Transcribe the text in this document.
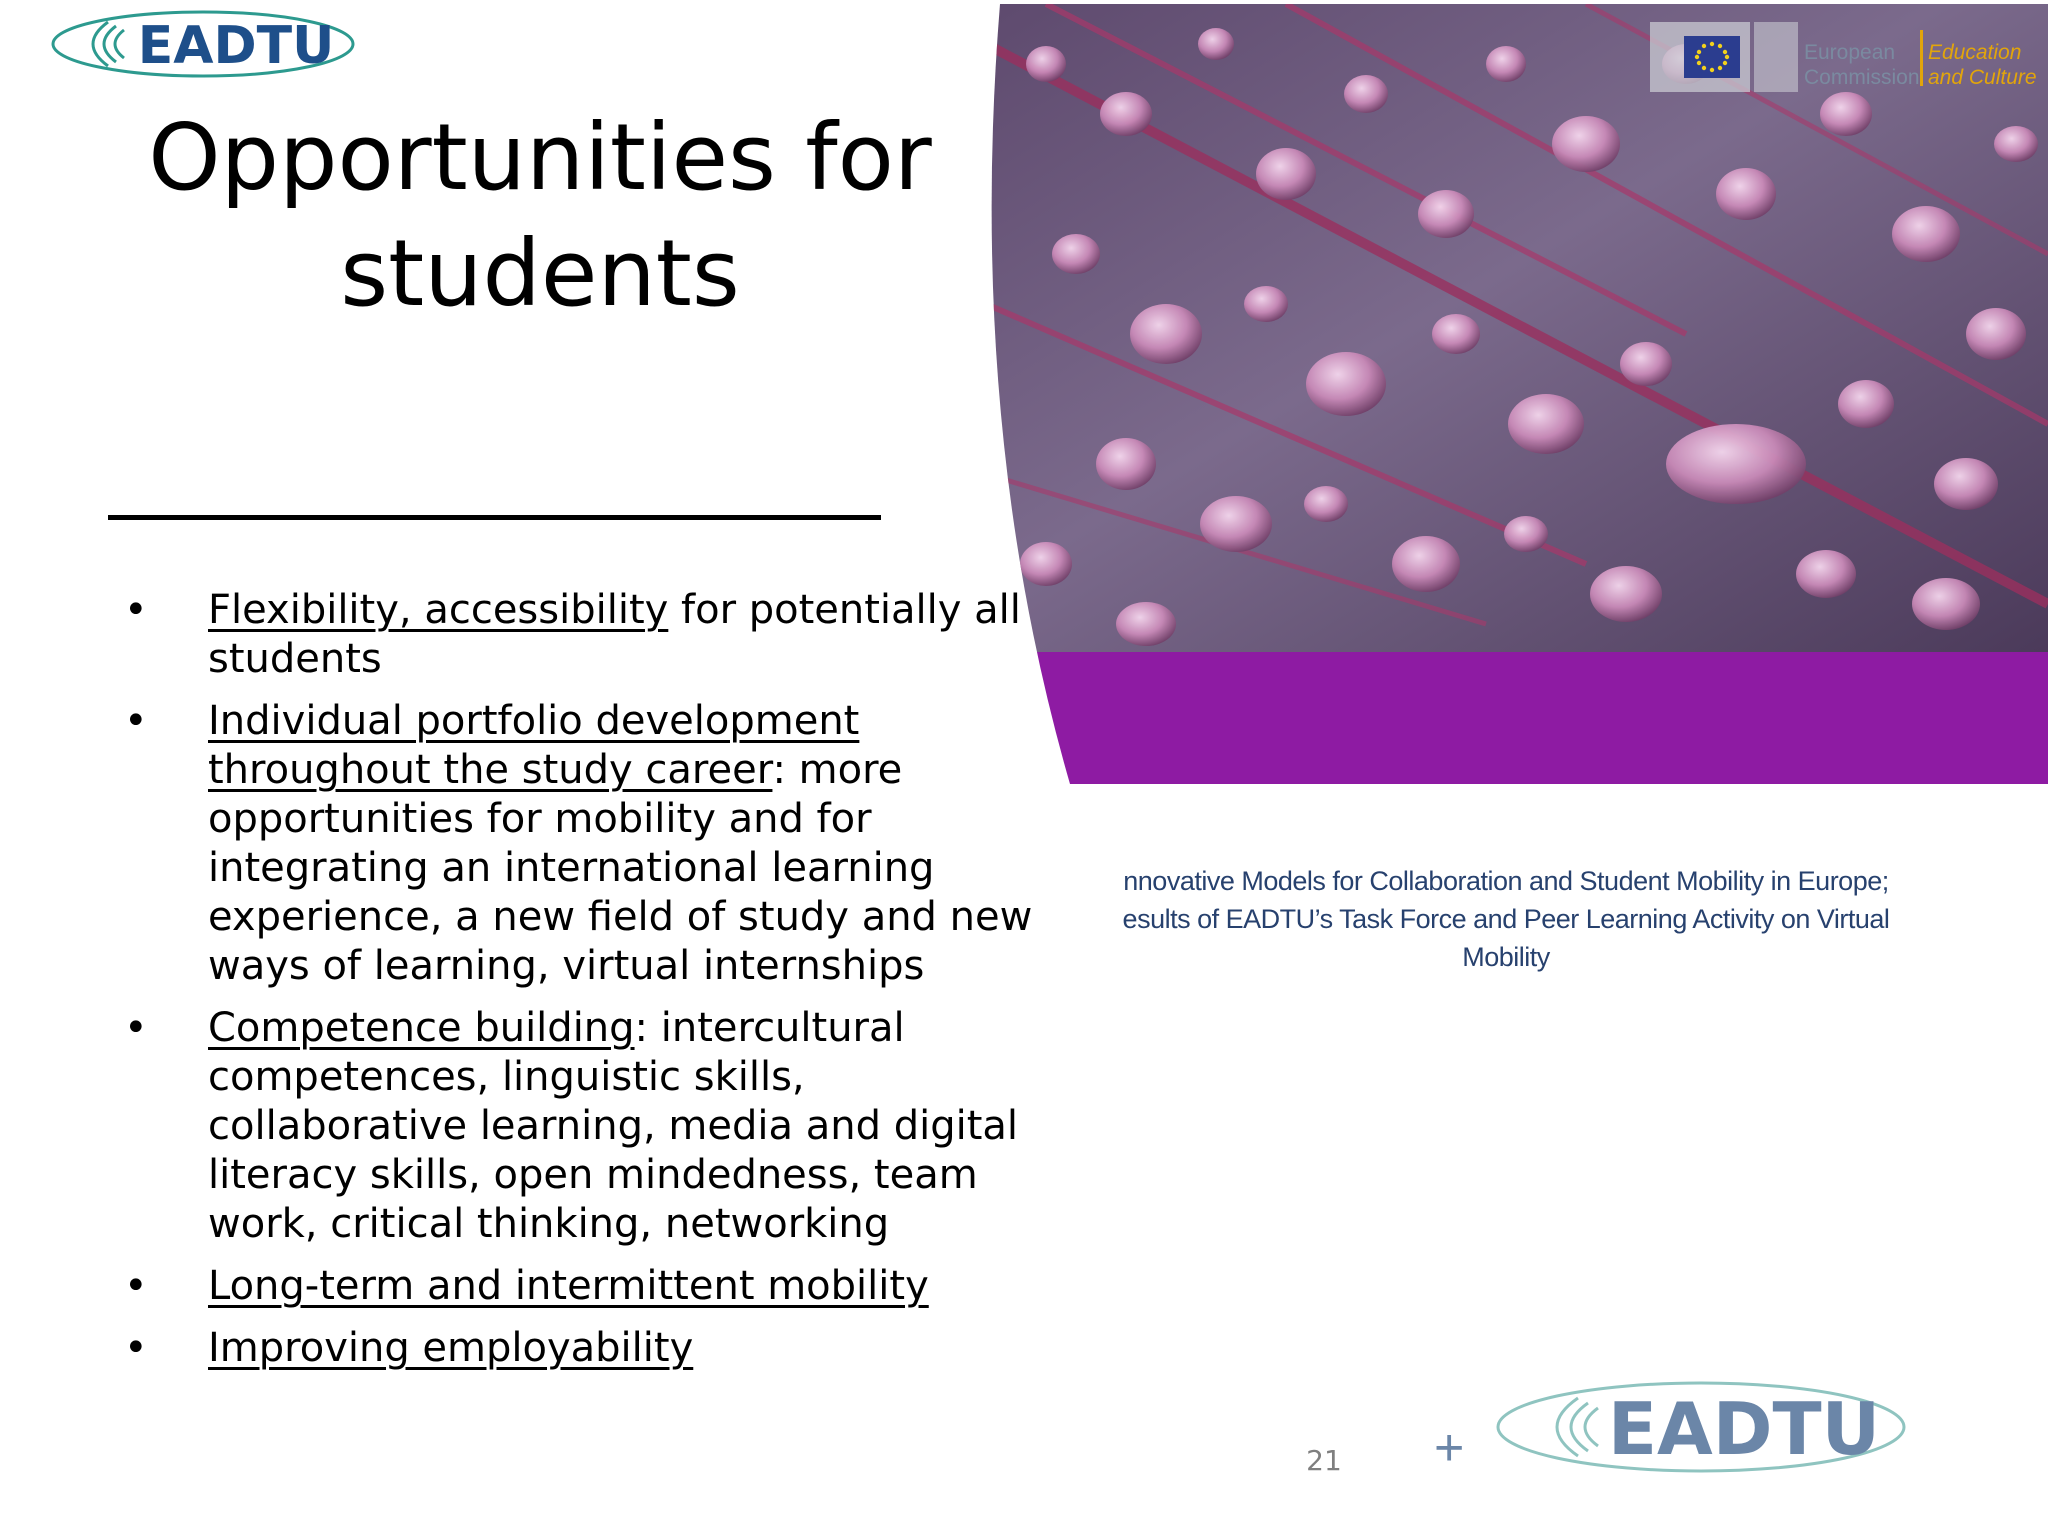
EADTU
Opportunities for
students
• Flexibility, accessibility for potentially all students
• Individual portfolio development throughout the study career: more opportunities for mobility and for integrating an international learning experience, a new field of study and new ways of learning, virtual internships
• Competence building: intercultural competences, linguistic skills, collaborative learning, media and digital literacy skills, open mindedness, team work, critical thinking, networking
• Long-term and intermittent mobility
• Improving employability
European
Commission
Education
and Culture
nnovative Models for Collaboration and Student Mobility in Europe;
esults of EADTU’s Task Force and Peer Learning Activity on Virtual
Mobility
21 + EADTU
